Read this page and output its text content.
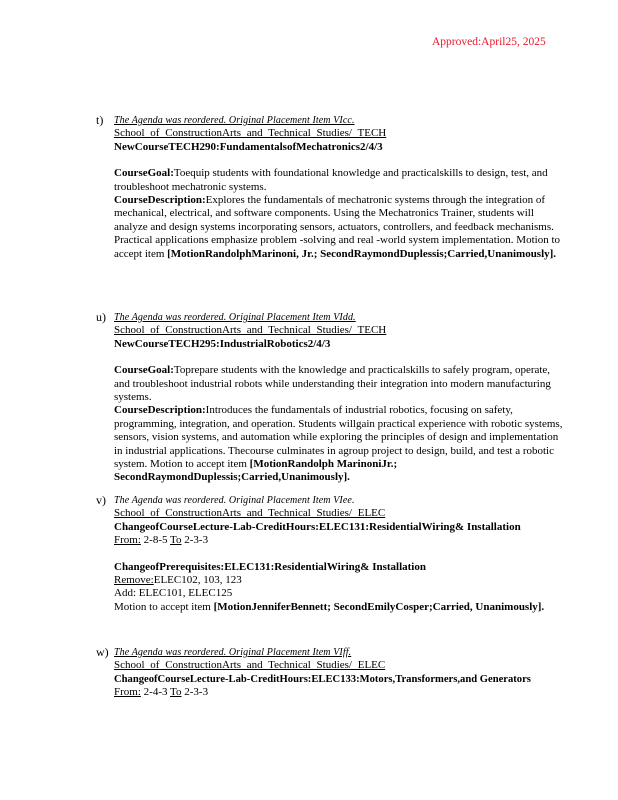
Approved:April25, 2025
t) The Agenda was reordered. Original Placement Item VIcc.

School of ConstructionArts and Technical Studies/ TECH

NewCourseTECH290:FundamentalsofMechatronics2/4/3

CourseGoal:Toequip students with foundational knowledge and practicalskills to design, test, and troubleshoot mechatronic systems.

CourseDescription:Explores the fundamentals of mechatronic systems through the integration of mechanical, electrical, and software components. Using the Mechatronics Trainer, students will analyze and design systems incorporating sensors, actuators, controllers, and feedback mechanisms. Practical applications emphasize problem -solving and real -world system implementation. Motion to accept item [MotionRandolphMarinoni, Jr.; SecondRaymondDuplessis;Carried,Unanimously].

u) The Agenda was reordered. Original Placement Item VIdd.

School of ConstructionArts and Technical Studies/ TECH

NewCourseTECH295:IndustrialRobotics2/4/3

CourseGoal:Toprepare students with the knowledge and practicalskills to safely program, operate, and troubleshoot industrial robots while understanding their integration into modern manufacturing systems.

CourseDescription:Introduces the fundamentals of industrial robotics, focusing on safety, programming, integration, and operation. Students willgain practical experience with robotic systems, sensors, vision systems, and automation while exploring the principles of design and implementation in industrial applications. Thecourse culminates in agroup project to design, build, and test a robotic system. Motion to accept item [MotionRandolph MarinoniJr.; SecondRaymondDuplessis;Carried,Unanimously].

v) The Agenda was reordered. Original Placement Item VIee.

School of ConstructionArts and Technical Studies/ ELEC

ChangeofCourseLecture-Lab-CreditHours:ELEC131:ResidentialWiring& Installation

From: 2-8-5 To 2-3-3

ChangeofPrerequisites:ELEC131:ResidentialWiring& Installation

Remove:ELEC102, 103, 123

Add: ELEC101, ELEC125

Motion to accept item [MotionJenniferBennett; SecondEmilyCosper;Carried, Unanimously].

w) The Agenda was reordered. Original Placement Item VIff.

School of ConstructionArts and Technical Studies/ ELEC

ChangeofCourseLecture-Lab-CreditHours:ELEC133:Motors,Transformers,and Generators

From: 2-4-3 To 2-3-3
